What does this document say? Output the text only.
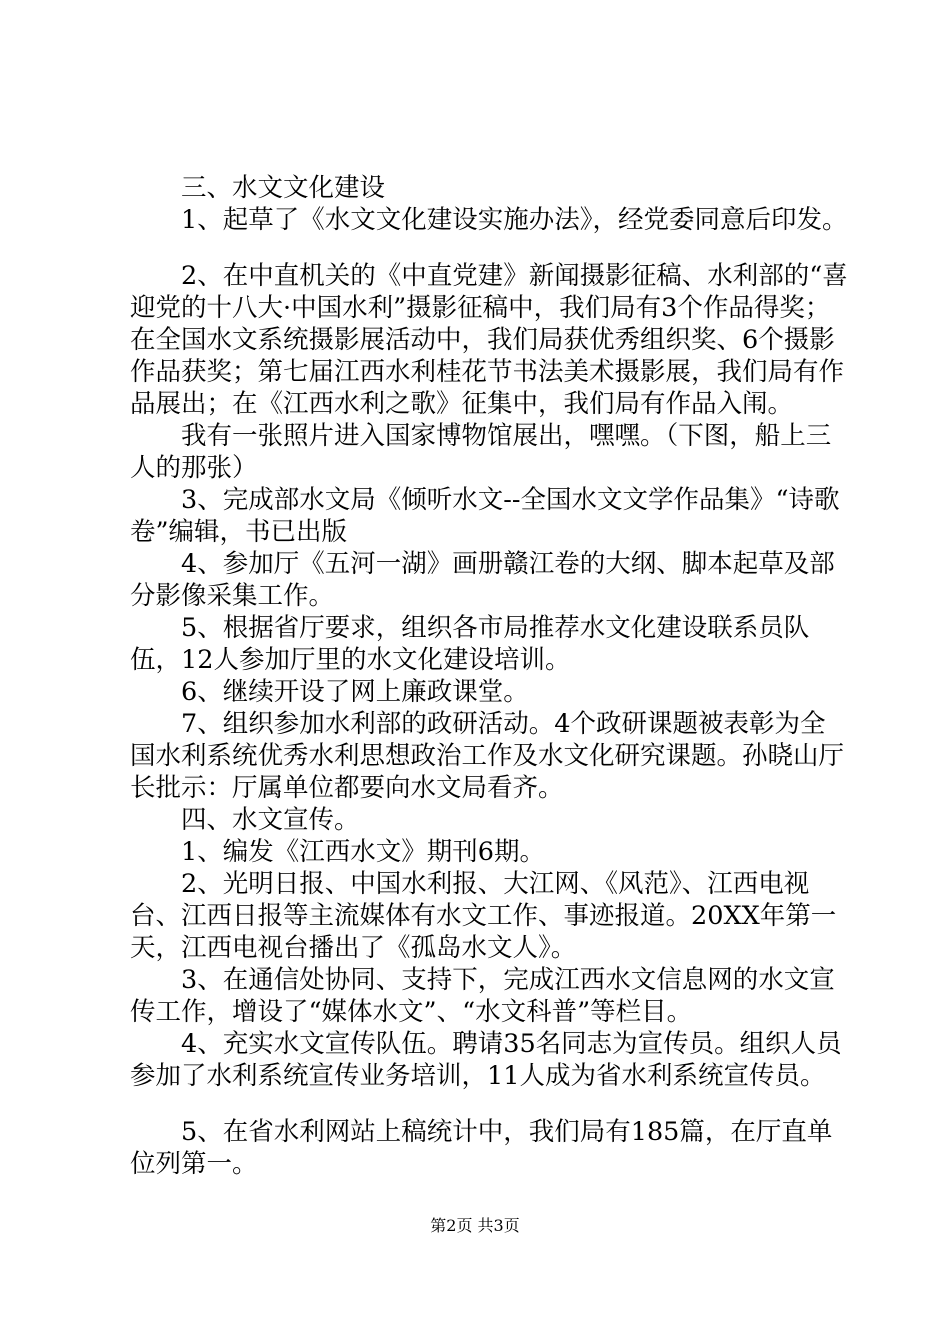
　　三、水文文化建设

　　1、起草了《水文文化建设实施办法》，经党委同意后印发。

　　2、在中直机关的《中直党建》新闻摄影征稿、水利部的“喜迎党的十八大·中国水利”摄影征稿中，我们局有3个作品得奖；在全国水文系统摄影展活动中，我们局获优秀组织奖、6个摄影作品获奖；第七届江西水利桂花节书法美术摄影展，我们局有作品展出；在《江西水利之歌》征集中，我们局有作品入闱。

　　我有一张照片进入国家博物馆展出，嘿嘿。（下图，船上三人的那张）

　　3、完成部水文局《倾听水文--全国水文文学作品集》“诗歌卷”编辑，书已出版

　　4、参加厅《五河一湖》画册赣江卷的大纲、脚本起草及部分影像采集工作。

　　5、根据省厅要求，组织各市局推荐水文化建设联系员队伍，12人参加厅里的水文化建设培训。

　　6、继续开设了网上廉政课堂。

　　7、组织参加水利部的政研活动。4个政研课题被表彰为全国水利系统优秀水利思想政治工作及水文化研究课题。孙晓山厅长批示：厅属单位都要向水文局看齐。

　　四、水文宣传。

　　1、编发《江西水文》期刊6期。

　　2、光明日报、中国水利报、大江网、《风范》、江西电视台、江西日报等主流媒体有水文工作、事迹报道。20XX年第一天，江西电视台播出了《孤岛水文人》。

　　3、在通信处协同、支持下，完成江西水文信息网的水文宣传工作，增设了“媒体水文”、“水文科普”等栏目。

　　4、充实水文宣传队伍。聘请35名同志为宣传员。组织人员参加了水利系统宣传业务培训，11人成为省水利系统宣传员。

　　5、在省水利网站上稿统计中，我们局有185篇，在厅直单位列第一。

第2页 共3页
